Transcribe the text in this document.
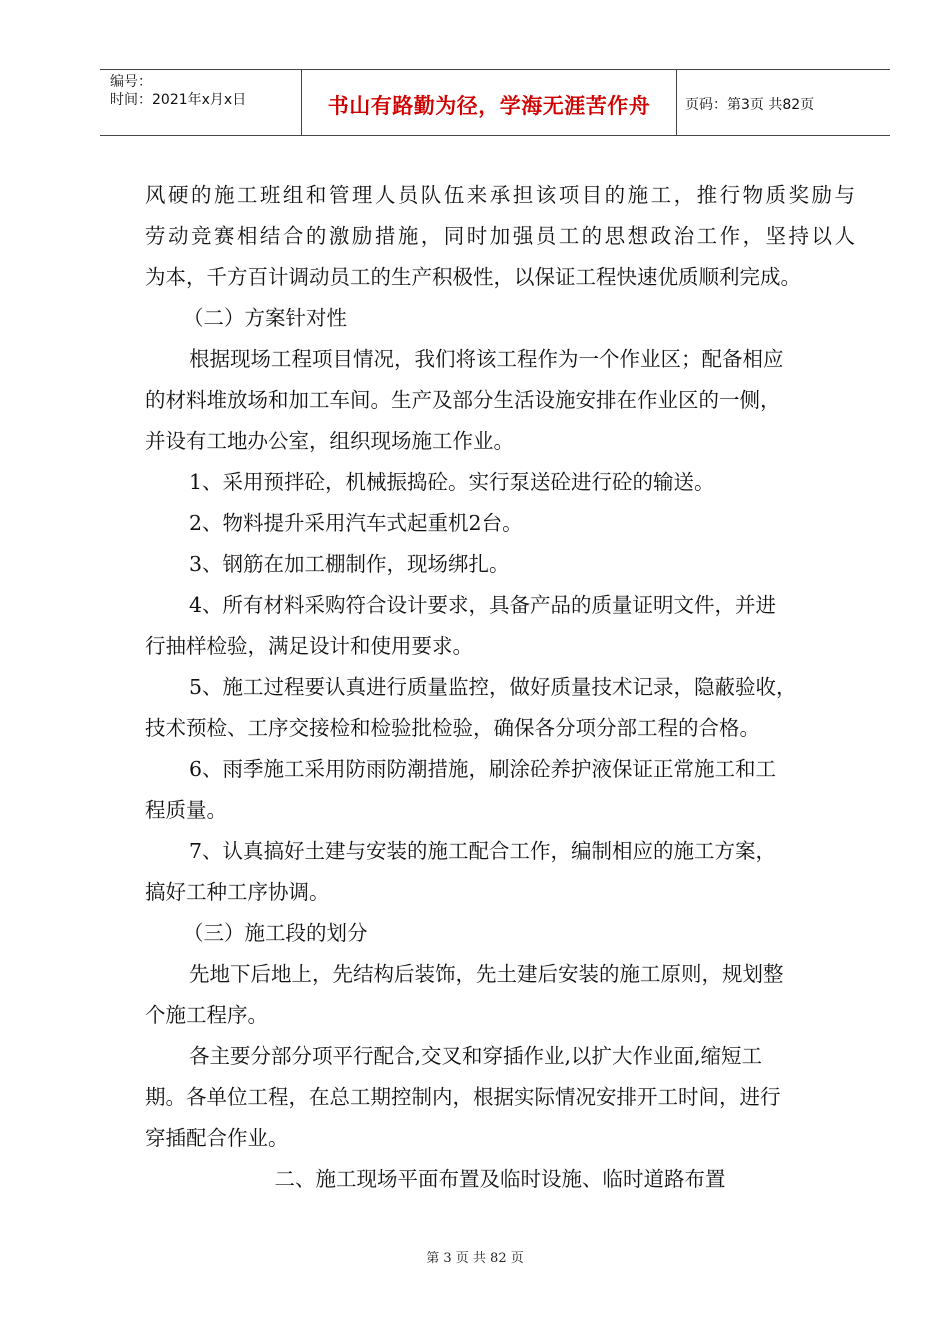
编号：
时间：2021年x月x日	书山有路勤为径，学海无涯苦作舟	页码：第3页 共82页
风硬的施工班组和管理人员队伍来承担该项目的施工，推行物质奖励与
劳动竞赛相结合的激励措施，同时加强员工的思想政治工作，坚持以人
为本，千方百计调动员工的生产积极性，以保证工程快速优质顺利完成。
（二）方案针对性
根据现场工程项目情况，我们将该工程作为一个作业区；配备相应
的材料堆放场和加工车间。生产及部分生活设施安排在作业区的一侧，
并设有工地办公室，组织现场施工作业。
1、采用预拌砼，机械振捣砼。实行泵送砼进行砼的输送。
2、物料提升采用汽车式起重机2台。
3、钢筋在加工棚制作，现场绑扎。
4、所有材料采购符合设计要求，具备产品的质量证明文件，并进
行抽样检验，满足设计和使用要求。
5、施工过程要认真进行质量监控，做好质量技术记录，隐蔽验收，
技术预检、工序交接检和检验批检验，确保各分项分部工程的合格。
6、雨季施工采用防雨防潮措施，刷涂砼养护液保证正常施工和工
程质量。
7、认真搞好土建与安装的施工配合工作，编制相应的施工方案，
搞好工种工序协调。
（三）施工段的划分
先地下后地上，先结构后装饰，先土建后安装的施工原则，规划整
个施工程序。
各主要分部分项平行配合,交叉和穿插作业,以扩大作业面,缩短工
期。各单位工程，在总工期控制内，根据实际情况安排开工时间，进行
穿插配合作业。
二、施工现场平面布置及临时设施、临时道路布置
第 3 页 共 82 页
